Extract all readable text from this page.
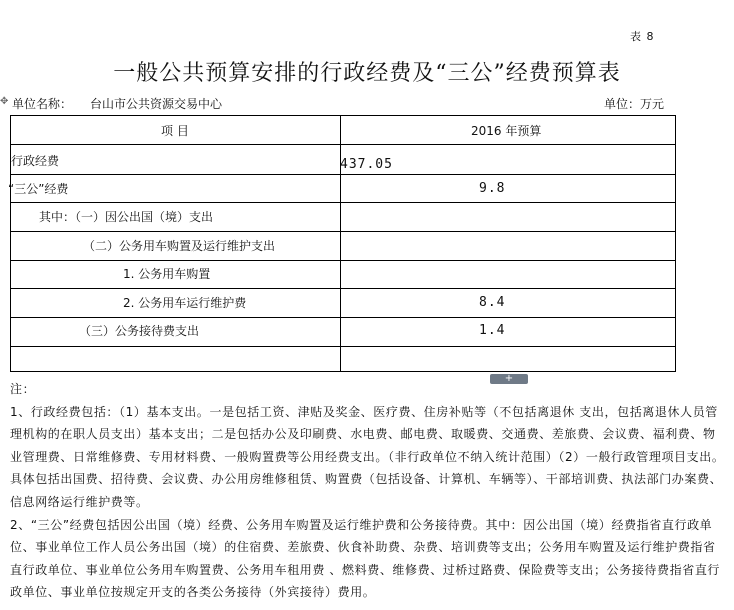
表 8
一般公共预算安排的行政经费及“三公”经费预算表
✥ 单位名称： 台山市公共资源交易中心	单位：万元
项 目	2016 年预算
行政经费	437.05
“三公”经费	9.8
其中：（一）因公出国（境）支出
（二）公务用车购置及运行维护支出
1. 公务用车购置
2. 公务用车运行维护费	8.4
（三）公务接待费支出	1.4
+

注：

1、行政经费包括：（1）基本支出。一是包括工资、津贴及奖金、医疗费、住房补贴等（不包括离退休 支出，包括离退休人员管理机构的在职人员支出）基本支出；二是包括办公及印刷费、水电费、邮电费、取暖费、交通费、差旅费、会议费、福利费、物业管理费、日常维修费、专用材料费、一般购置费等公用经费支出。（非行政单位不纳入统计范围）（2）一般行政管理项目支出。具体包括出国费、招待费、会议费、办公用房维修租赁、购置费（包括设备、计算机、车辆等）、干部培训费、执法部门办案费、信息网络运行维护费等。

2、“三公”经费包括因公出国（境）经费、公务用车购置及运行维护费和公务接待费。其中：因公出国（境）经费指省直行政单位、事业单位工作人员公务出国（境）的住宿费、差旅费、伙食补助费、杂费、培训费等支出；公务用车购置及运行维护费指省直行政单位、事业单位公务用车购置费、公务用车租用费 、燃料费、维修费、过桥过路费、保险费等支出；公务接待费指省直行政单位、事业单位按规定开支的各类公务接待（外宾接待）费用。
